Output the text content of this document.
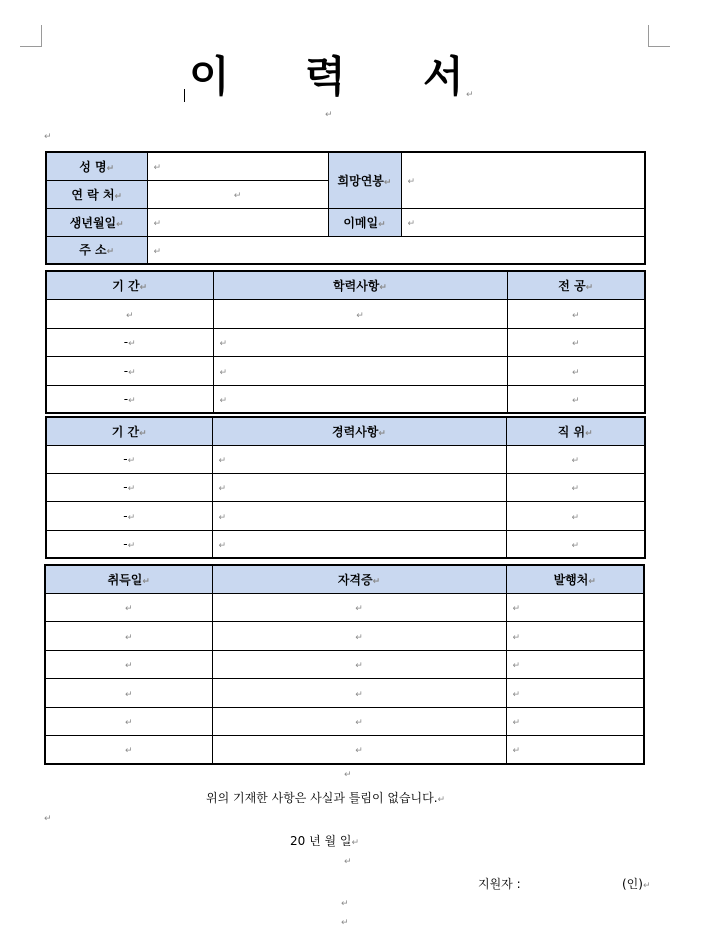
이 력 서 ↵
↵
↵
성 명↵	↵	희망연봉↵	↵
연 락 처↵	↵		
생년월일↵	↵	이메일↵	↵
주 소↵	↵		
기 간↵	학력사항↵	전 공↵
↵	↵	↵
-↵	↵	↵
-↵	↵	↵
-↵	↵	↵
기 간↵	경력사항↵	직 위↵
-↵	↵	↵
-↵	↵	↵
-↵	↵	↵
-↵	↵	↵
취득일↵	자격증↵	발행처↵
↵	↵	↵
↵	↵	↵
↵	↵	↵
↵	↵	↵
↵	↵	↵
↵	↵	↵
↵
위의 기재한 사항은 사실과 틀림이 없습니다.↵
↵
20 년 월 일↵
↵
지원자 :	(인)↵
↵
↵
